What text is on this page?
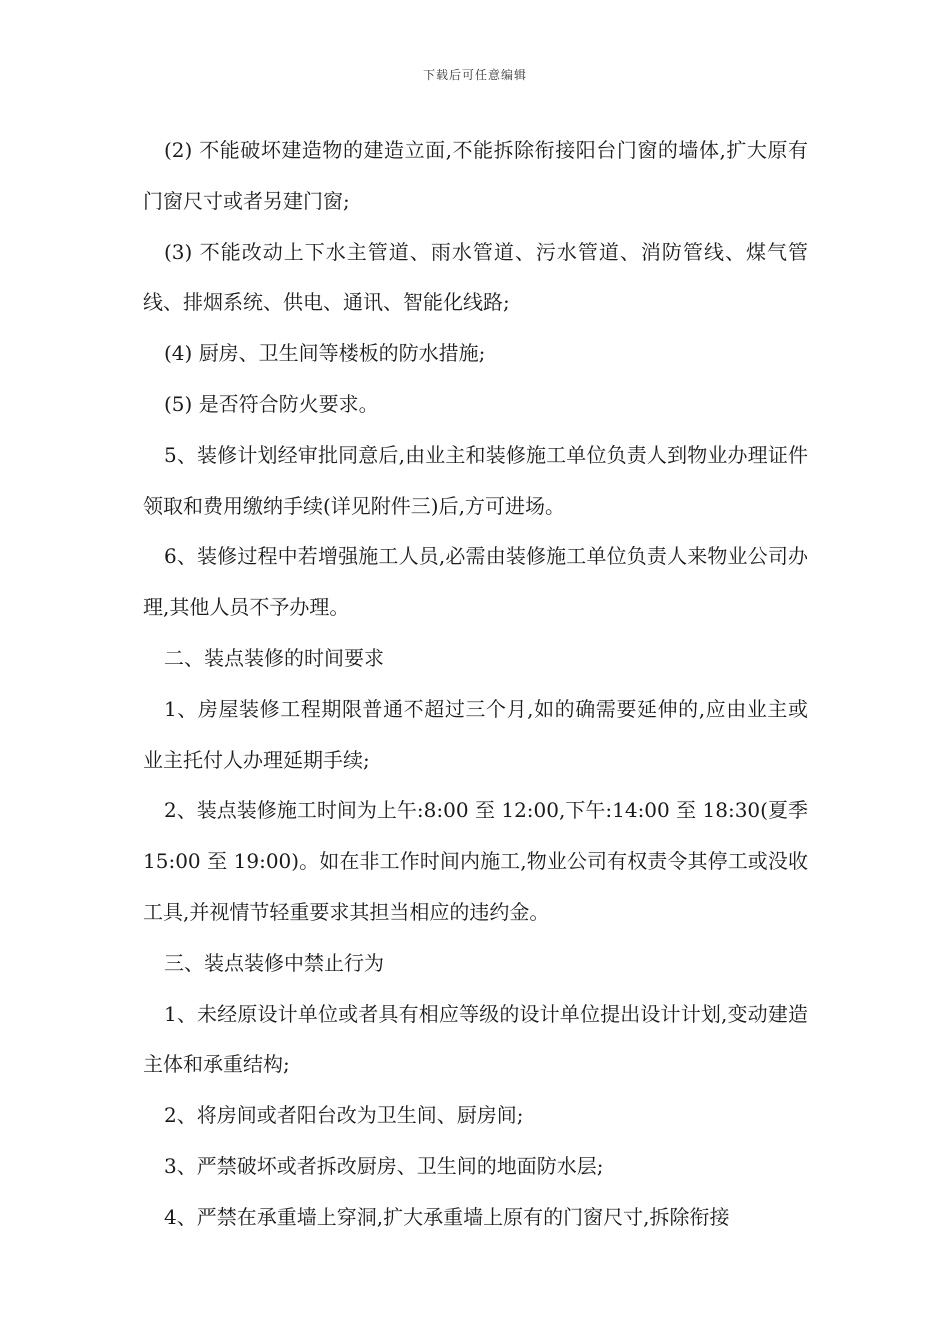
下载后可任意编辑

(2) 不能破坏建造物的建造立面,不能拆除衔接阳台门窗的墙体,扩大原有门窗尺寸或者另建门窗;

(3) 不能改动上下水主管道、雨水管道、污水管道、消防管线、煤气管线、排烟系统、供电、通讯、智能化线路;

(4) 厨房、卫生间等楼板的防水措施;

(5) 是否符合防火要求。

5、装修计划经审批同意后,由业主和装修施工单位负责人到物业办理证件领取和费用缴纳手续(详见附件三)后,方可进场。

6、装修过程中若增强施工人员,必需由装修施工单位负责人来物业公司办理,其他人员不予办理。

二、装点装修的时间要求

1、房屋装修工程期限普通不超过三个月,如的确需要延伸的,应由业主或业主托付人办理延期手续;

2、装点装修施工时间为上午:8:00 至 12:00,下午:14:00 至 18:30(夏季 15:00 至 19:00)。如在非工作时间内施工,物业公司有权责令其停工或没收工具,并视情节轻重要求其担当相应的违约金。

三、装点装修中禁止行为

1、未经原设计单位或者具有相应等级的设计单位提出设计计划,变动建造主体和承重结构;

2、将房间或者阳台改为卫生间、厨房间;

3、严禁破坏或者拆改厨房、卫生间的地面防水层;

4、严禁在承重墙上穿洞,扩大承重墙上原有的门窗尺寸,拆除衔接
